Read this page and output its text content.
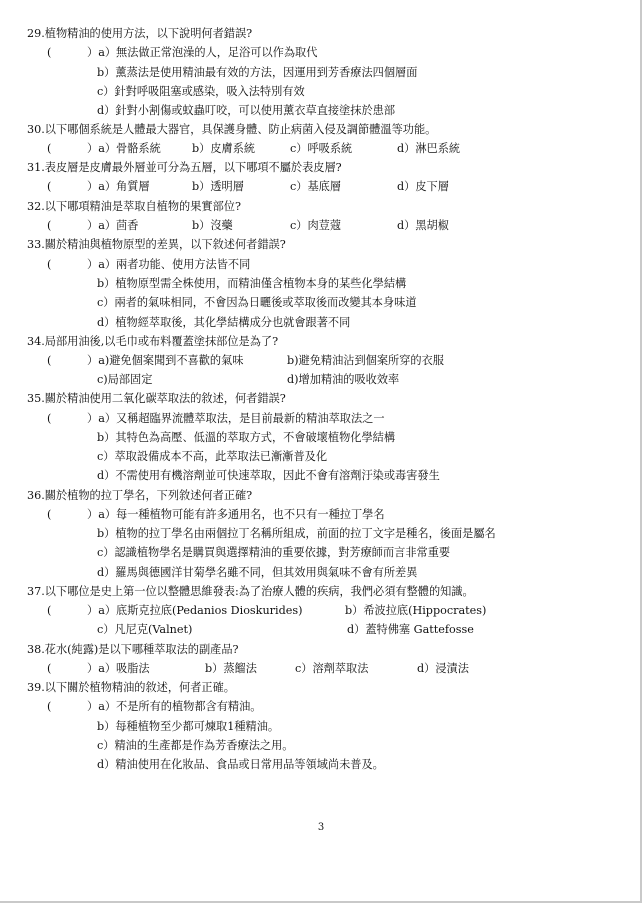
29.植物精油的使用方法，以下說明何者錯誤?
(	）a）無法做正常泡澡的人，足浴可以作為取代
b）薰蒸法是使用精油最有效的方法，因運用到芳香療法四個層面
c）針對呼吸阻塞或感染，吸入法特別有效
d）針對小割傷或蚊蟲叮咬，可以使用薰衣草直接塗抹於患部
30.以下哪個系統是人體最大器官，具保護身體、防止病菌入侵及調節體溫等功能。
(	）a）骨骼系統	b）皮膚系統	c）呼吸系統	d）淋巴系統
31.表皮層是皮膚最外層並可分為五層，以下哪項不屬於表皮層?
(	）a）角質層	b）透明層	c）基底層	d）皮下層
32.以下哪項精油是萃取自植物的果實部位?
(	）a）茴香	b）沒藥	c）肉荳蔻	d）黑胡椒
33.關於精油與植物原型的差異，以下敘述何者錯誤?
(	）a）兩者功能、使用方法皆不同
b）植物原型需全株使用，而精油僅含植物本身的某些化學結構
c）兩者的氣味相同，不會因為日曬後或萃取後而改變其本身味道
d）植物經萃取後，其化學結構成分也就會跟著不同
34.局部用油後,以毛巾或布料覆蓋塗抹部位是為了?
(	）a)避免個案聞到不喜歡的氣味	b)避免精油沾到個案所穿的衣服
c)局部固定	d)增加精油的吸收效率
35.關於精油使用二氧化碳萃取法的敘述，何者錯誤?
(	）a）又稱超臨界流體萃取法，是目前最新的精油萃取法之一
b）其特色為高壓、低溫的萃取方式，不會破壞植物化學結構
c）萃取設備成本不高，此萃取法已漸漸普及化
d）不需使用有機溶劑並可快速萃取，因此不會有溶劑汙染或毒害發生
36.關於植物的拉丁學名，下列敘述何者正確?
(	）a）每一種植物可能有許多通用名，也不只有一種拉丁學名
b）植物的拉丁學名由兩個拉丁名稱所組成，前面的拉丁文字是種名，後面是屬名
c）認識植物學名是購買與選擇精油的重要依據，對芳療師而言非常重要
d）羅馬與德國洋甘菊學名雖不同，但其效用與氣味不會有所差異
37.以下哪位是史上第一位以整體思維發表:為了治療人體的疾病，我們必須有整體的知識。
(	）a）底斯克拉底(Pedanios Dioskurides)	b）希波拉底(Hippocrates)
c）凡尼克(Valnet)	d）蓋特佛塞 Gattefosse
38.花水(純露)是以下哪種萃取法的副產品?
(	）a）吸脂法	b）蒸餾法	c）溶劑萃取法	d）浸漬法
39.以下關於植物精油的敘述，何者正確。
(	）a）不是所有的植物都含有精油。
b）每種植物至少都可煉取1種精油。
c）精油的生產都是作為芳香療法之用。
d）精油使用在化妝品、食品或日常用品等領域尚未普及。
3
